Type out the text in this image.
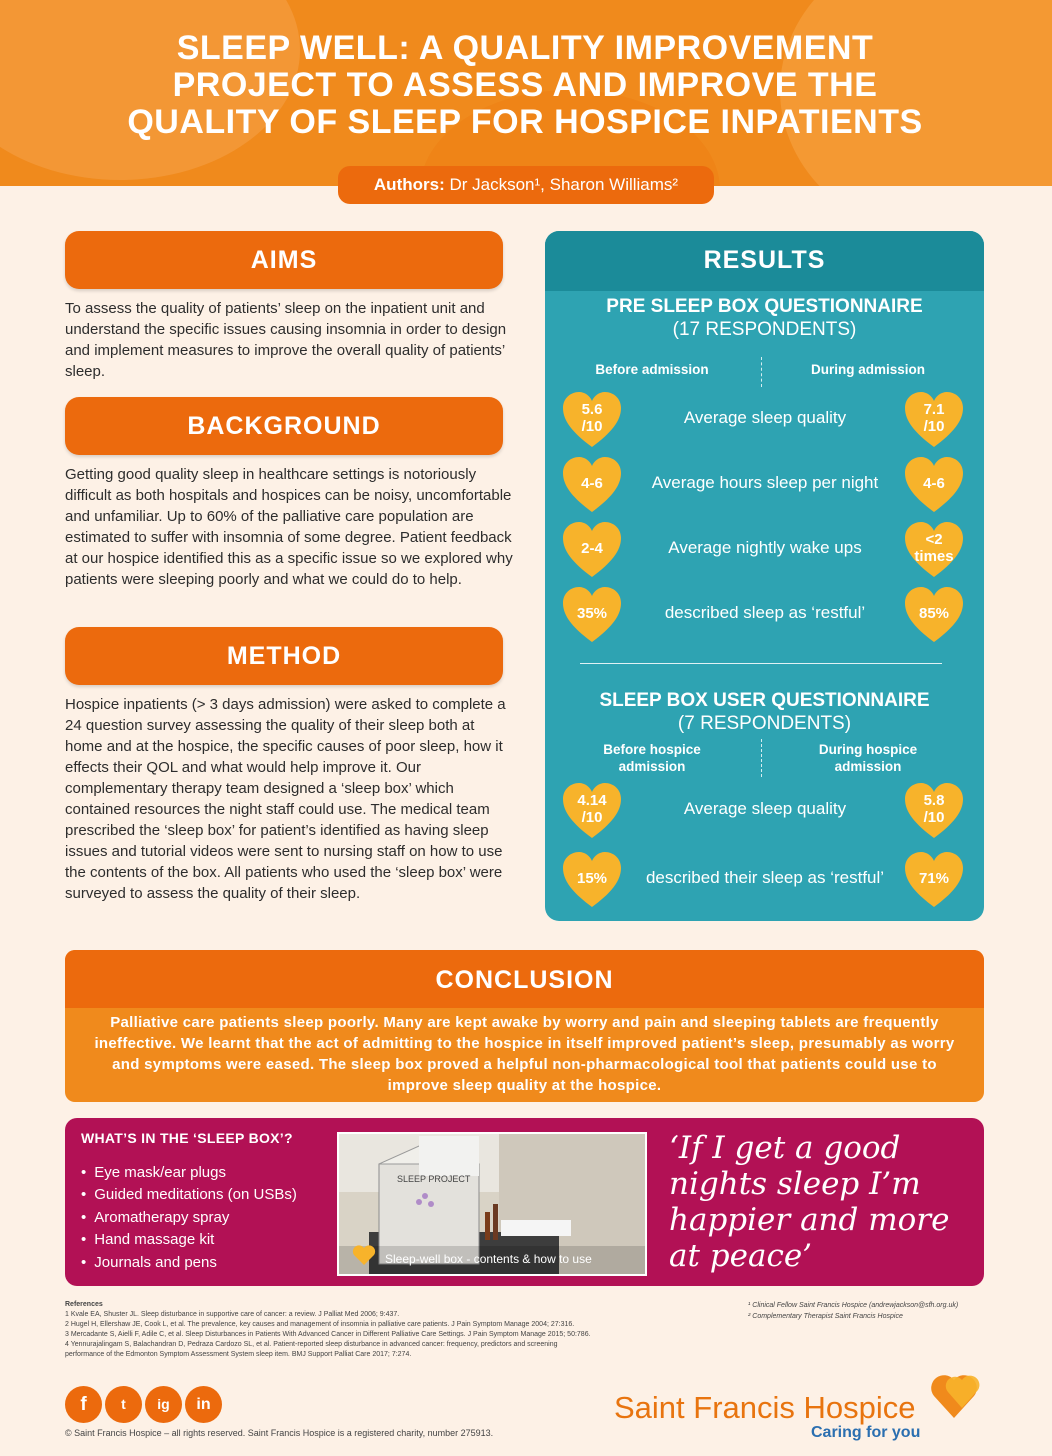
SLEEP WELL: A QUALITY IMPROVEMENT
PROJECT TO ASSESS AND IMPROVE THE
QUALITY OF SLEEP FOR HOSPICE INPATIENTS
Authors: Dr Jackson¹, Sharon Williams²
AIMS
To assess the quality of patients’ sleep on the inpatient unit and understand the specific issues causing insomnia in order to design and implement measures to improve the overall quality of patients’ sleep.
BACKGROUND
Getting good quality sleep in healthcare settings is notoriously difficult as both hospitals and hospices can be noisy, uncomfortable and unfamiliar. Up to 60% of the palliative care population are estimated to suffer with insomnia of some degree. Patient feedback at our hospice identified this as a specific issue so we explored why patients were sleeping poorly and what we could do to help.
METHOD
Hospice inpatients (> 3 days admission) were asked to complete a 24 question survey assessing the quality of their sleep both at home and at the hospice, the specific causes of poor sleep, how it effects their QOL and what would help improve it. Our complementary therapy team designed a ‘sleep box’ which contained resources the night staff could use. The medical team prescribed the ‘sleep box’ for patient’s identified as having sleep issues and tutorial videos were sent to nursing staff on how to use the contents of the box. All patients who used the ‘sleep box’ were surveyed to assess the quality of their sleep.
RESULTS
PRE SLEEP BOX QUESTIONNAIRE
(17 RESPONDENTS)
Before admission	During admission
5.6
/10	Average sleep quality	7.1
/10
4-6	Average hours sleep per night	4-6
2-4	Average nightly wake ups	<2
times
35%	described sleep as ‘restful’	85%
SLEEP BOX USER QUESTIONNAIRE
(7 RESPONDENTS)
Before hospice
admission
During hospice
admission
4.14
/10	Average sleep quality	5.8
/10
15%	described their sleep as ‘restful’	71%
CONCLUSION
Palliative care patients sleep poorly. Many are kept awake by worry and pain and sleeping tablets are frequently ineffective. We learnt that the act of admitting to the hospice in itself improved patient’s sleep, presumably as worry and symptoms were eased. The sleep box proved a helpful non-pharmacological tool that patients could use to improve sleep quality at the hospice.
WHAT’S IN THE ‘SLEEP BOX’?
• Eye mask/ear plugs
• Guided meditations (on USBs)
• Aromatherapy spray
• Hand massage kit
• Journals and pens
SLEEP PROJECT
Sleep-well box - contents & how to use
‘If I get a good nights sleep I’m happier and more at peace’
References
1 Kvale EA, Shuster JL. Sleep disturbance in supportive care of cancer: a review. J Palliat Med 2006; 9:437.
2 Hugel H, Ellershaw JE, Cook L, et al. The prevalence, key causes and management of insomnia in palliative care patients. J Pain Symptom Manage 2004; 27:316.
3 Mercadante S, Aielli F, Adile C, et al. Sleep Disturbances in Patients With Advanced Cancer in Different Palliative Care Settings. J Pain Symptom Manage 2015; 50:786.
4 Yennurajalingam S, Balachandran D, Pedraza Cardozo SL, et al. Patient-reported sleep disturbance in advanced cancer: frequency, predictors and screening
performance of the Edmonton Symptom Assessment System sleep item. BMJ Support Palliat Care 2017; 7:274.
¹ Clinical Fellow Saint Francis Hospice (andrewjackson@sfh.org.uk)
² Complementary Therapist Saint Francis Hospice
f	t	ig	in
© Saint Francis Hospice – all rights reserved. Saint Francis Hospice is a registered charity, number 275913.
Saint Francis Hospice
Caring for you
